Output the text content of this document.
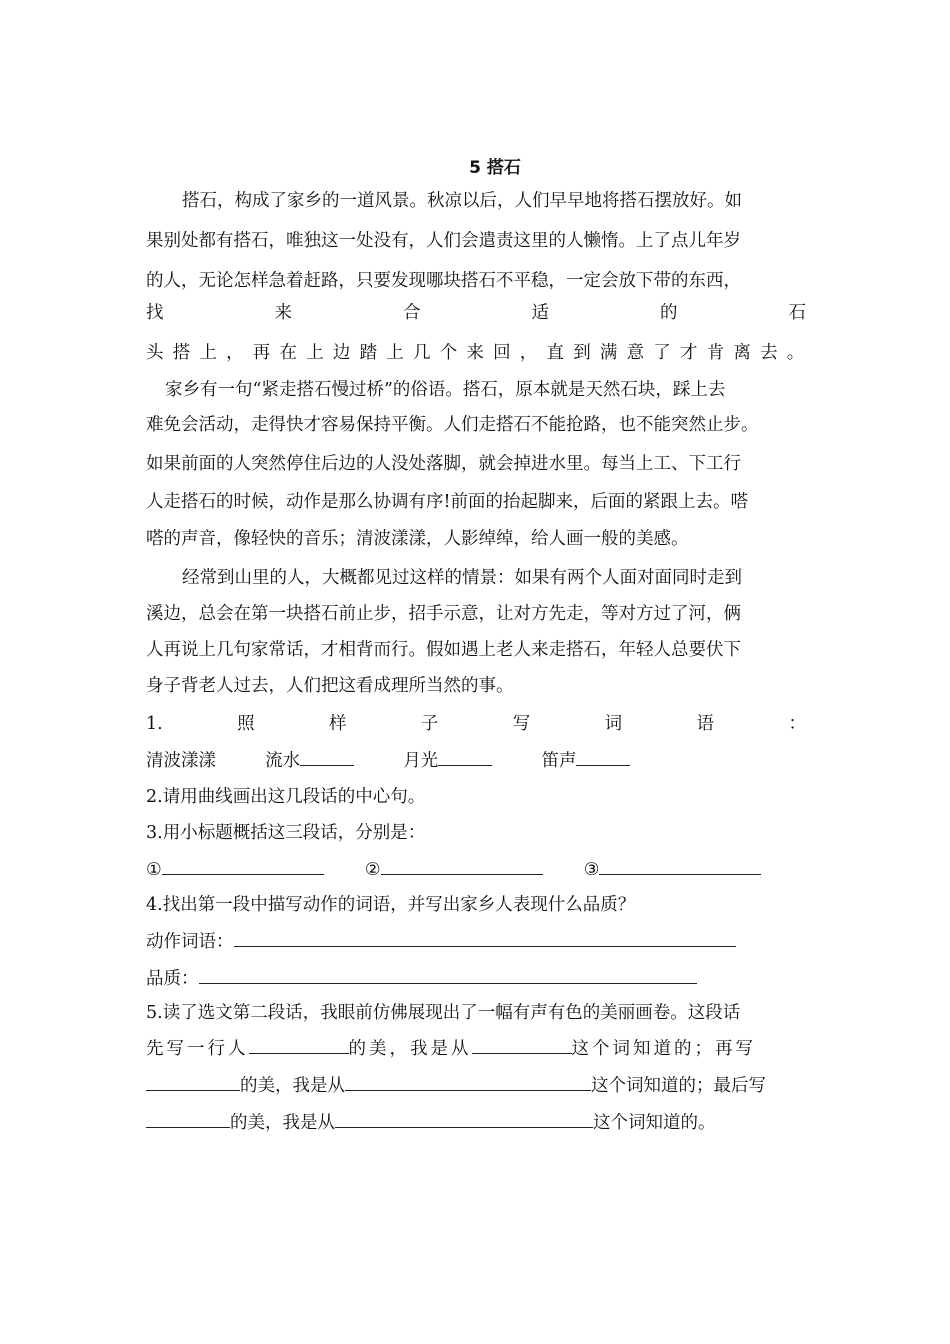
5 搭石
搭石，构成了家乡的一道风景。秋凉以后，人们早早地将搭石摆放好。如
果别处都有搭石，唯独这一处没有，人们会遣责这里的人懒惰。上了点儿年岁
的人，无论怎样急着赶路，只要发现哪块搭石不平稳，一定会放下带的东西，
找	来	合	适	的	石
头搭上，再在上边踏上几个来回，直到满意了才肯离去。
家乡有一句“紧走搭石慢过桥”的俗语。搭石，原本就是天然石块，踩上去
难免会活动，走得快才容易保持平衡。人们走搭石不能抢路，也不能突然止步。
如果前面的人突然停住后边的人没处落脚，就会掉进水里。每当上工、下工行
人走搭石的时候，动作是那么协调有序!前面的抬起脚来，后面的紧跟上去。嗒
嗒的声音，像轻快的音乐；清波漾漾，人影绰绰，给人画一般的美感。
经常到山里的人，大概都见过这样的情景：如果有两个人面对面同时走到
溪边，总会在第一块搭石前止步，招手示意，让对方先走，等对方过了河，俩
人再说上几句家常话，才相背而行。假如遇上老人来走搭石，年轻人总要伏下
身子背老人过去，人们把这看成理所当然的事。
1.	照	样	子	写	词	语	：
清波漾漾	流水	月光	笛声
2.请用曲线画出这几段话的中心句。
3.用小标题概括这三段话，分别是：
①	②	③
4.找出第一段中描写动作的词语，并写出家乡人表现什么品质？
动作词语：
品质：
5.读了选文第二段话，我眼前仿佛展现出了一幅有声有色的美丽画卷。这段话
先写一行人	的美，我是从	这个词知道的；再写
的美，我是从	这个词知道的；最后写
的美，我是从	这个词知道的。
